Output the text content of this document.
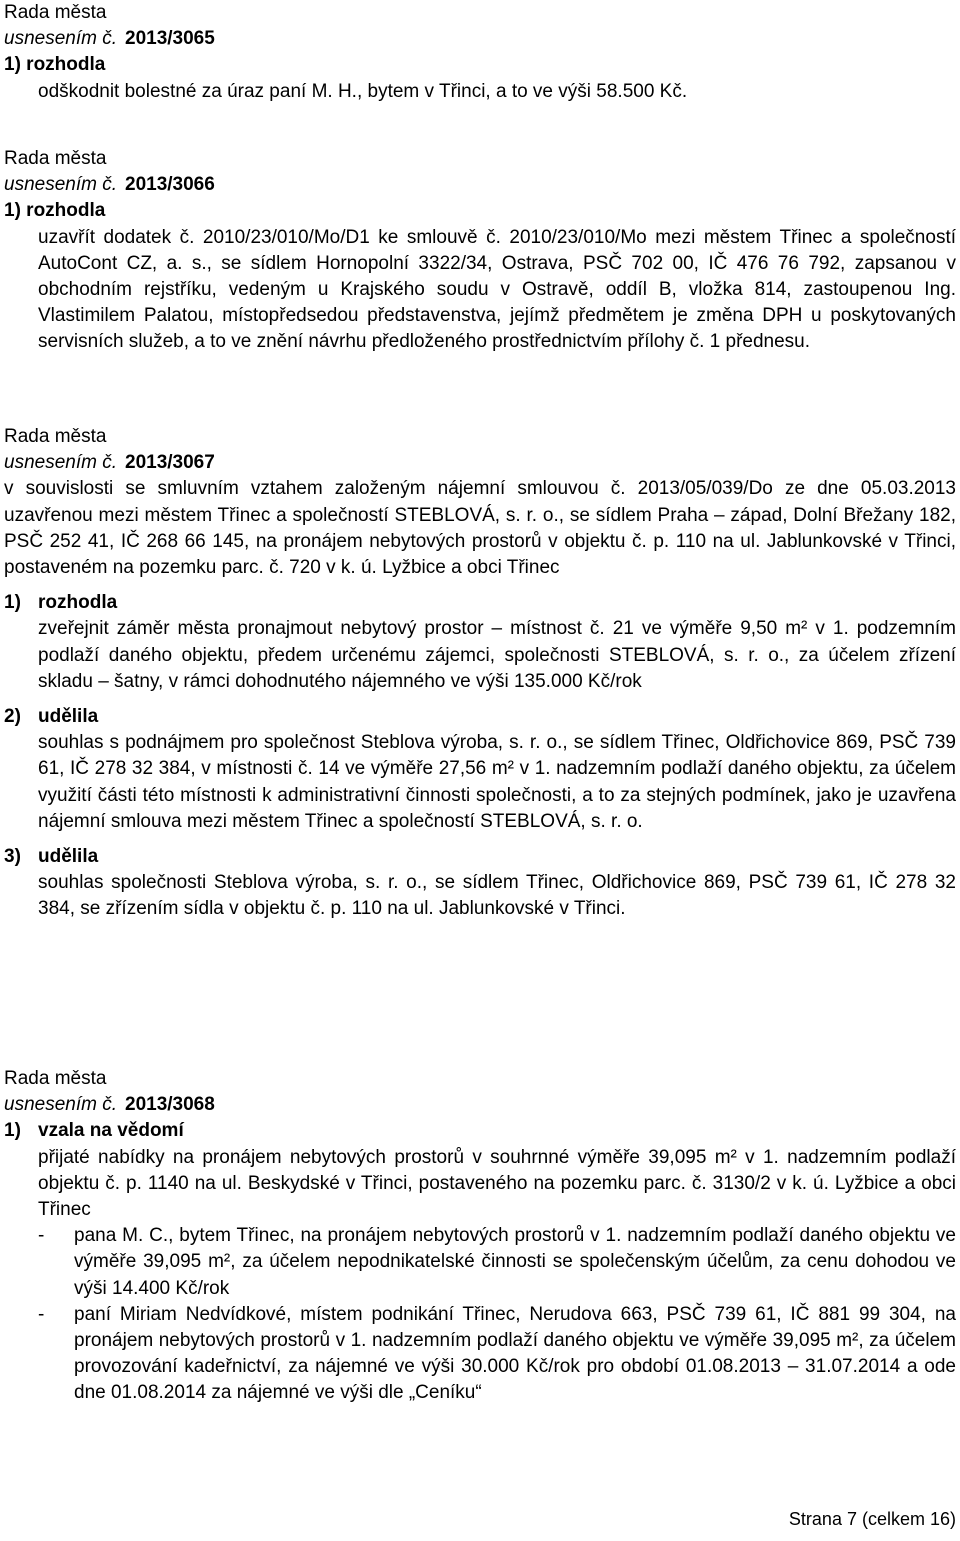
Rada města
usnesením č. 2013/3065
1) rozhodla
odškodnit bolestné za úraz paní M. H., bytem v Třinci, a to ve výši 58.500 Kč.
Rada města
usnesením č. 2013/3066
1) rozhodla
uzavřít dodatek č. 2010/23/010/Mo/D1 ke smlouvě č. 2010/23/010/Mo mezi městem Třinec a společností AutoCont CZ, a. s., se sídlem Hornopolní 3322/34, Ostrava, PSČ 702 00, IČ 476 76 792, zapsanou v obchodním rejstříku, vedeným u Krajského soudu v Ostravě, oddíl B, vložka 814, zastoupenou Ing. Vlastimilem Palatou, místopředsedou představenstva, jejímž předmětem je změna DPH u poskytovaných servisních služeb, a to ve znění návrhu předloženého prostřednictvím přílohy č. 1 přednesu.
Rada města
usnesením č. 2013/3067
v souvislosti se smluvním vztahem založeným nájemní smlouvou č. 2013/05/039/Do ze dne 05.03.2013 uzavřenou mezi městem Třinec a společností STEBLOVÁ, s. r. o., se sídlem Praha – západ, Dolní Břežany 182, PSČ 252 41, IČ 268 66 145, na pronájem nebytových prostorů v objektu č. p. 110 na ul. Jablunkovské v Třinci, postaveném na pozemku parc. č. 720 v k. ú. Lyžbice a obci Třinec
1) rozhodla
zveřejnit záměr města pronajmout nebytový prostor – místnost č. 21 ve výměře 9,50 m² v 1. podzemním podlaží daného objektu, předem určenému zájemci, společnosti STEBLOVÁ, s. r. o., za účelem zřízení skladu – šatny, v rámci dohodnutého nájemného ve výši 135.000 Kč/rok
2) udělila
souhlas s podnájmem pro společnost Steblova výroba, s. r. o., se sídlem Třinec, Oldřichovice 869, PSČ 739 61, IČ 278 32 384, v místnosti č. 14 ve výměře 27,56 m² v 1. nadzemním podlaží daného objektu, za účelem využití části této místnosti k administrativní činnosti společnosti, a to za stejných podmínek, jako je uzavřena nájemní smlouva mezi městem Třinec a společností STEBLOVÁ, s. r. o.
3) udělila
souhlas společnosti Steblova výroba, s. r. o., se sídlem Třinec, Oldřichovice 869, PSČ 739 61, IČ 278 32 384, se zřízením sídla v objektu č. p. 110 na ul. Jablunkovské v Třinci.
Rada města
usnesením č. 2013/3068
1) vzala na vědomí
přijaté nabídky na pronájem nebytových prostorů v souhrnné výměře 39,095 m² v 1. nadzemním podlaží objektu č. p. 1140 na ul. Beskydské v Třinci, postaveného na pozemku parc. č. 3130/2 v k. ú. Lyžbice a obci Třinec
- pana M. C., bytem Třinec, na pronájem nebytových prostorů v 1. nadzemním podlaží daného objektu ve výměře 39,095 m², za účelem nepodnikatelské činnosti se společenským účelům, za cenu dohodou ve výši 14.400 Kč/rok
- paní Miriam Nedvídkové, místem podnikání Třinec, Nerudova 663, PSČ 739 61, IČ 881 99 304, na pronájem nebytových prostorů v 1. nadzemním podlaží daného objektu ve výměře 39,095 m², za účelem provozování kadeřnictví, za nájemné ve výši 30.000 Kč/rok pro období 01.08.2013 – 31.07.2014 a ode dne 01.08.2014 za nájemné ve výši dle „Ceníku“
Strana 7 (celkem 16)
